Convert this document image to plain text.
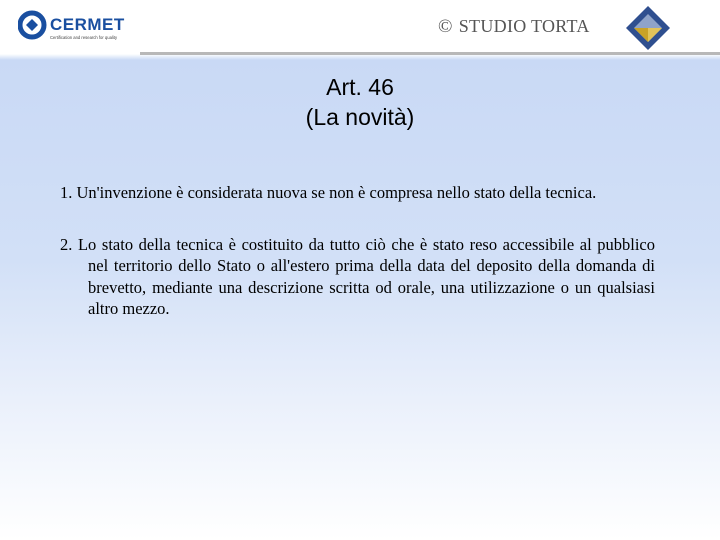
CERMET
Certification and research for quality
© STUDIO TORTA
Art. 46
(La novità)

1. Un'invenzione è considerata nuova se non è compresa nello stato della tecnica.

2. Lo stato della tecnica è costituito da tutto ciò che è stato reso accessibile al pubblico nel territorio dello Stato o all'estero prima della data del deposito della domanda di brevetto, mediante una descrizione scritta od orale, una utilizzazione o un qualsiasi altro mezzo.
